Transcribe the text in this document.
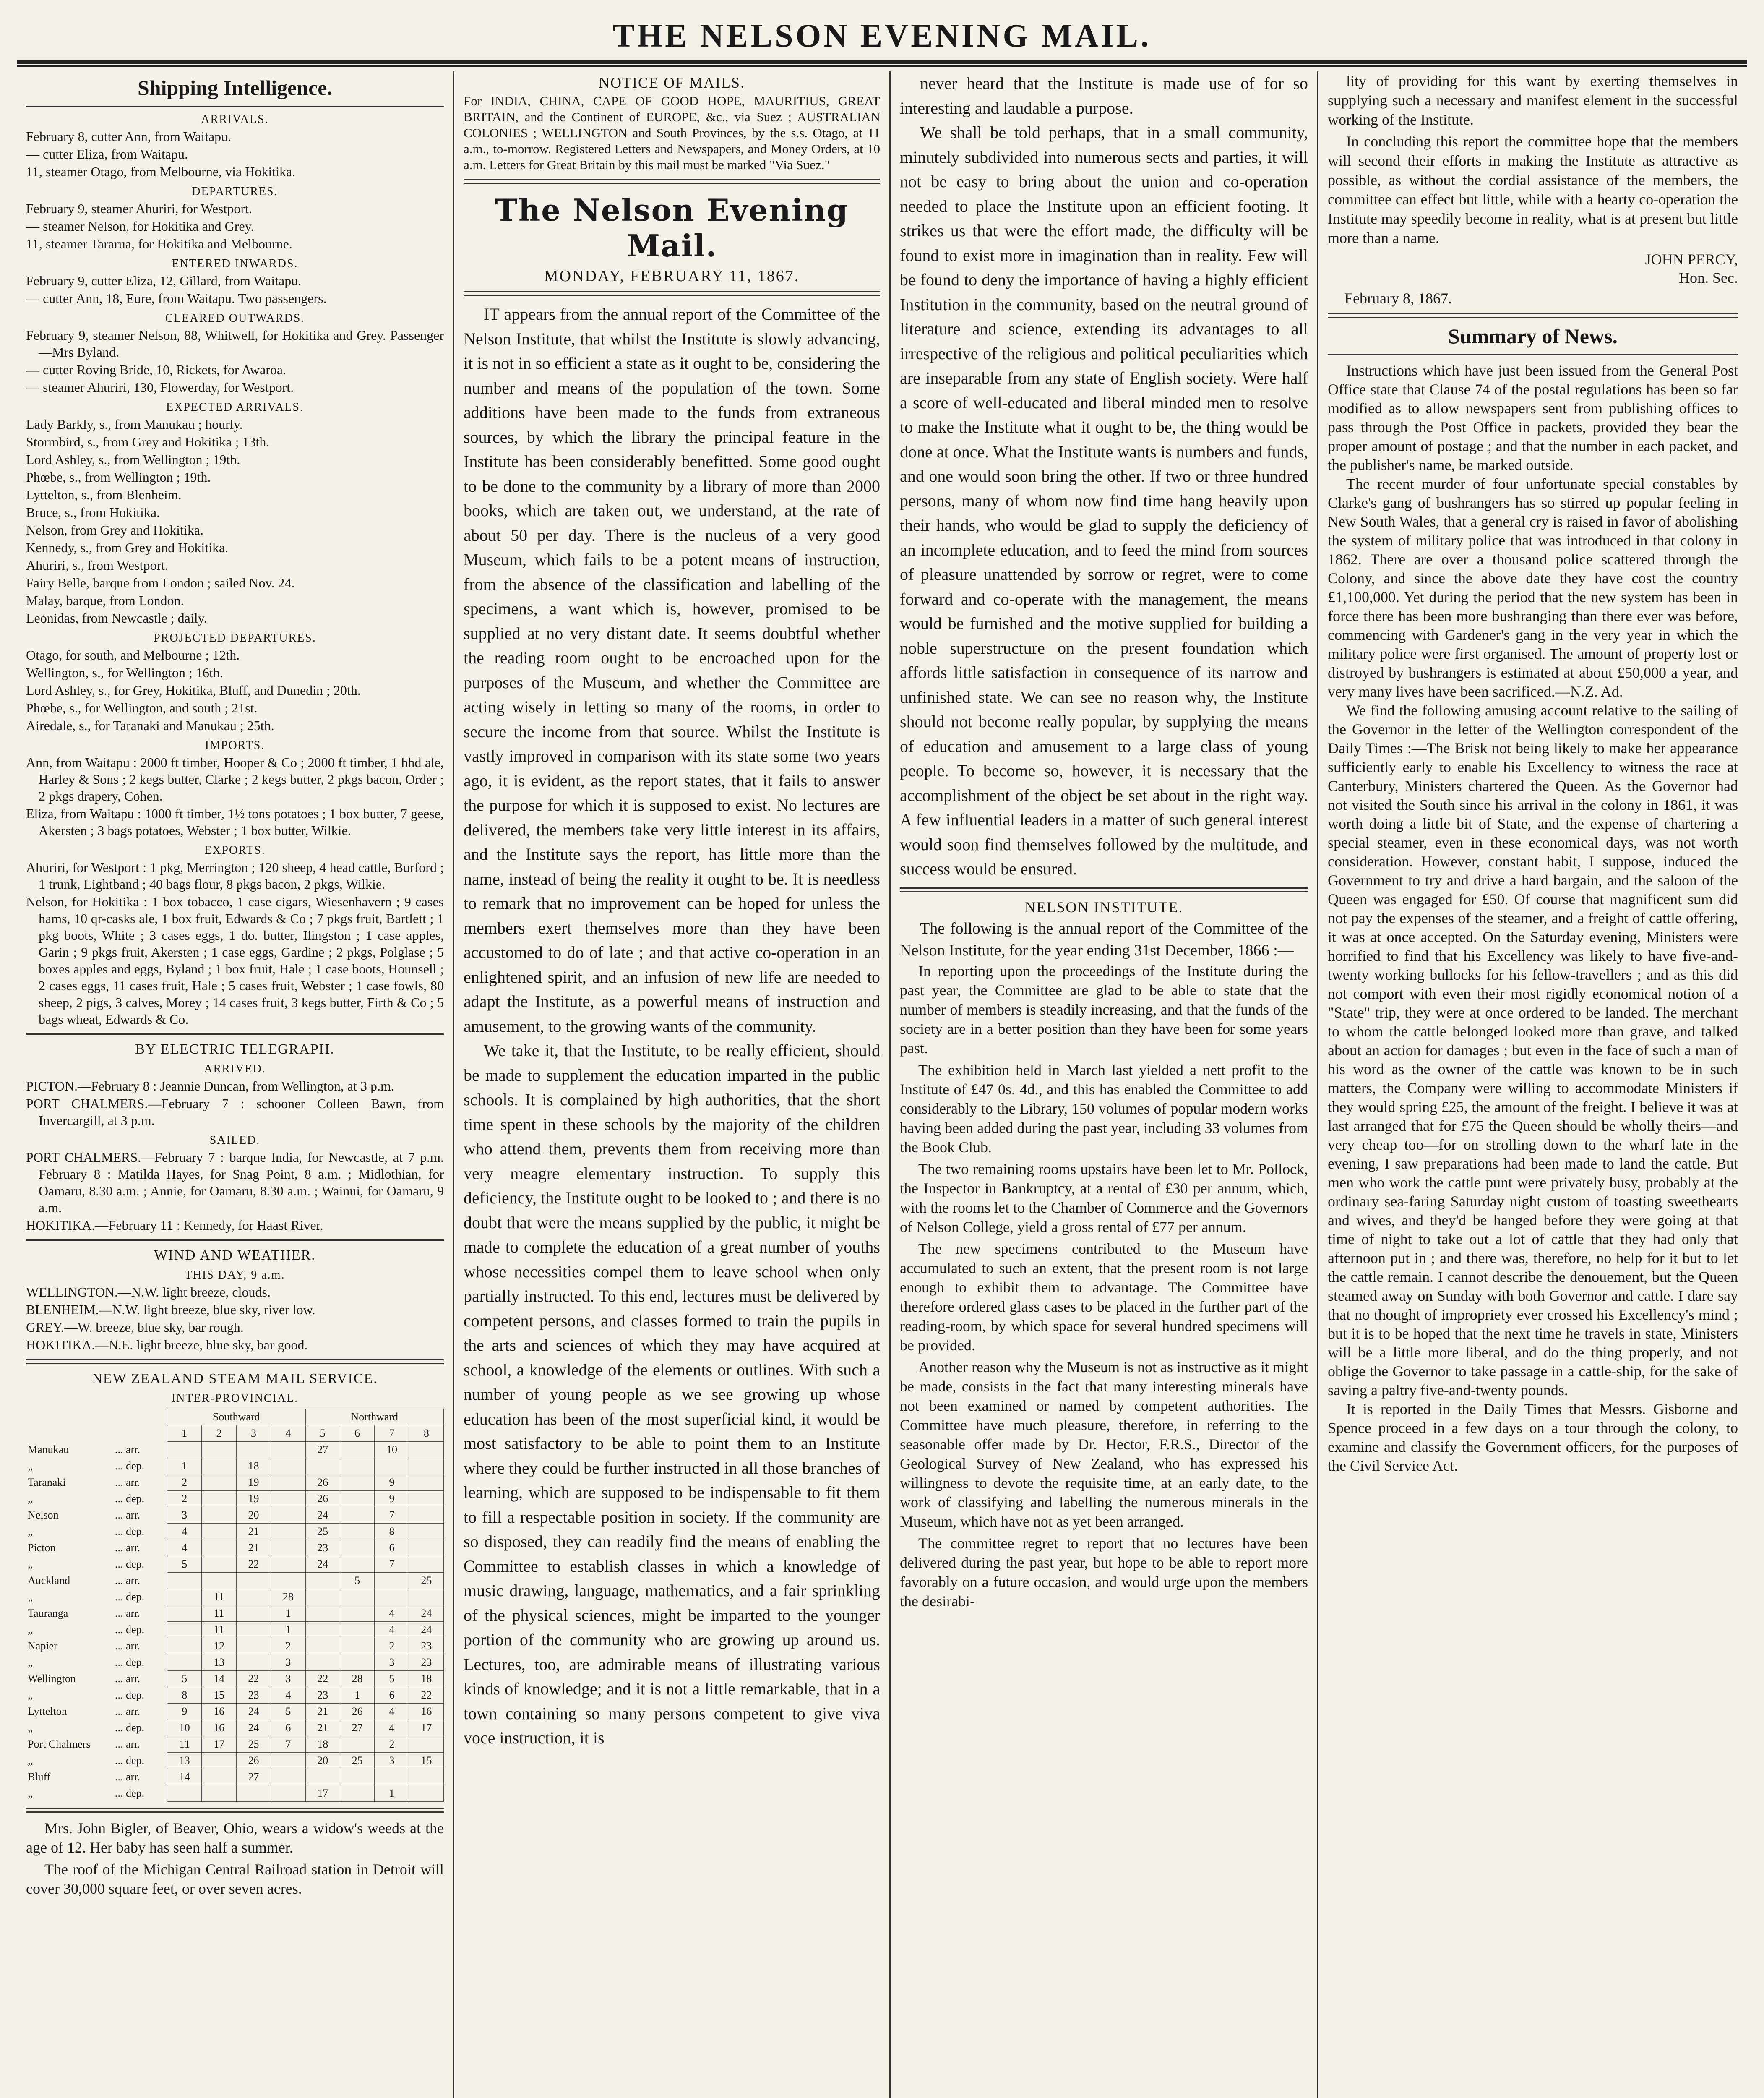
THE NELSON EVENING MAIL.
Shipping Intelligence.
ARRIVALS.

February 8, cutter Ann, from Waitapu.

— cutter Eliza, from Waitapu.

11, steamer Otago, from Melbourne, via Hokitika.

DEPARTURES.

February 9, steamer Ahuriri, for Westport.

— steamer Nelson, for Hokitika and Grey.

11, steamer Tararua, for Hokitika and Melbourne.

ENTERED INWARDS.

February 9, cutter Eliza, 12, Gillard, from Waitapu.

— cutter Ann, 18, Eure, from Waitapu. Two passengers.

CLEARED OUTWARDS.

February 9, steamer Nelson, 88, Whitwell, for Hokitika and Grey. Passenger—Mrs Byland.

— cutter Roving Bride, 10, Rickets, for Awaroa.

— steamer Ahuriri, 130, Flowerday, for Westport.

EXPECTED ARRIVALS.

Lady Barkly, s., from Manukau ; hourly.

Stormbird, s., from Grey and Hokitika ; 13th.

Lord Ashley, s., from Wellington ; 19th.

Phœbe, s., from Wellington ; 19th.

Lyttelton, s., from Blenheim.

Bruce, s., from Hokitika.

Nelson, from Grey and Hokitika.

Kennedy, s., from Grey and Hokitika.

Ahuriri, s., from Westport.

Fairy Belle, barque from London ; sailed Nov. 24.

Malay, barque, from London.

Leonidas, from Newcastle ; daily.

PROJECTED DEPARTURES.

Otago, for south, and Melbourne ; 12th.

Wellington, s., for Wellington ; 16th.

Lord Ashley, s., for Grey, Hokitika, Bluff, and Dunedin ; 20th.

Phœbe, s., for Wellington, and south ; 21st.

Airedale, s., for Taranaki and Manukau ; 25th.

IMPORTS.

Ann, from Waitapu : 2000 ft timber, Hooper & Co ; 2000 ft timber, 1 hhd ale, Harley & Sons ; 2 kegs butter, Clarke ; 2 kegs butter, 2 pkgs bacon, Order ; 2 pkgs drapery, Cohen.

Eliza, from Waitapu : 1000 ft timber, 1½ tons potatoes ; 1 box butter, 7 geese, Akersten ; 3 bags potatoes, Webster ; 1 box butter, Wilkie.

EXPORTS.

Ahuriri, for Westport : 1 pkg, Merrington ; 120 sheep, 4 head cattle, Burford ; 1 trunk, Lightband ; 40 bags flour, 8 pkgs bacon, 2 pkgs, Wilkie.

Nelson, for Hokitika : 1 box tobacco, 1 case cigars, Wiesenhavern ; 9 cases hams, 10 qr-casks ale, 1 box fruit, Edwards & Co ; 7 pkgs fruit, Bartlett ; 1 pkg boots, White ; 3 cases eggs, 1 do. butter, Ilingston ; 1 case apples, Garin ; 9 pkgs fruit, Akersten ; 1 case eggs, Gardine ; 2 pkgs, Polglase ; 5 boxes apples and eggs, Byland ; 1 box fruit, Hale ; 1 case boots, Hounsell ; 2 cases eggs, 11 cases fruit, Hale ; 5 cases fruit, Webster ; 1 case fowls, 80 sheep, 2 pigs, 3 calves, Morey ; 14 cases fruit, 3 kegs butter, Firth & Co ; 5 bags wheat, Edwards & Co.

BY ELECTRIC TELEGRAPH.
ARRIVED.

PICTON.—February 8 : Jeannie Duncan, from Wellington, at 3 p.m.

PORT CHALMERS.—February 7 : schooner Colleen Bawn, from Invercargill, at 3 p.m.

SAILED.

PORT CHALMERS.—February 7 : barque India, for Newcastle, at 7 p.m. February 8 : Matilda Hayes, for Snag Point, 8 a.m. ; Midlothian, for Oamaru, 8.30 a.m. ; Annie, for Oamaru, 8.30 a.m. ; Wainui, for Oamaru, 9 a.m.

HOKITIKA.—February 11 : Kennedy, for Haast River.

WIND AND WEATHER.
THIS DAY, 9 a.m.

WELLINGTON.—N.W. light breeze, clouds.

BLENHEIM.—N.W. light breeze, blue sky, river low.

GREY.—W. breeze, blue sky, bar rough.

HOKITIKA.—N.E. light breeze, blue sky, bar good.

NEW ZEALAND STEAM MAIL SERVICE.
INTER-PROVINCIAL.
		Southward				Northward			
		1	2	3	4	5	6	7	8
Manukau	... arr.					27		10	
„	... dep.	1		18					
Taranaki	... arr.	2		19		26		9	
„	... dep.	2		19		26		9	
Nelson	... arr.	3		20		24		7	
„	... dep.	4		21		25		8	
Picton	... arr.	4		21		23		6	
„	... dep.	5		22		24		7	
Auckland	... arr.						5		25
„	... dep.		11		28				
Tauranga	... arr.		11		1			4	24
„	... dep.		11		1			4	24
Napier	... arr.		12		2			2	23
„	... dep.		13		3			3	23
Wellington	... arr.	5	14	22	3	22	28	5	18
„	... dep.	8	15	23	4	23	1	6	22
Lyttelton	... arr.	9	16	24	5	21	26	4	16
„	... dep.	10	16	24	6	21	27	4	17
Port Chalmers	... arr.	11	17	25	7	18		2	
„	... dep.	13		26		20	25	3	15
Bluff	... arr.	14		27					
„	... dep.					17		1	

Mrs. John Bigler, of Beaver, Ohio, wears a widow's weeds at the age of 12. Her baby has seen half a summer.

The roof of the Michigan Central Railroad station in Detroit will cover 30,000 square feet, or over seven acres.

NOTICE OF MAILS.

For INDIA, CHINA, CAPE OF GOOD HOPE, MAURITIUS, GREAT BRITAIN, and the Continent of EUROPE, &c., via Suez ; AUSTRALIAN COLONIES ; WELLINGTON and South Provinces, by the s.s. Otago, at 11 a.m., to-morrow. Registered Letters and Newspapers, and Money Orders, at 10 a.m. Letters for Great Britain by this mail must be marked "Via Suez."

The Nelson Evening Mail.
MONDAY, FEBRUARY 11, 1867.

IT appears from the annual report of the Committee of the Nelson Institute, that whilst the Institute is slowly advancing, it is not in so efficient a state as it ought to be, considering the number and means of the population of the town. Some additions have been made to the funds from extraneous sources, by which the library the principal feature in the Institute has been considerably benefitted. Some good ought to be done to the community by a library of more than 2000 books, which are taken out, we understand, at the rate of about 50 per day. There is the nucleus of a very good Museum, which fails to be a potent means of instruction, from the absence of the classification and labelling of the specimens, a want which is, however, promised to be supplied at no very distant date. It seems doubtful whether the reading room ought to be encroached upon for the purposes of the Museum, and whether the Committee are acting wisely in letting so many of the rooms, in order to secure the income from that source. Whilst the Institute is vastly improved in comparison with its state some two years ago, it is evident, as the report states, that it fails to answer the purpose for which it is supposed to exist. No lectures are delivered, the members take very little interest in its affairs, and the Institute says the report, has little more than the name, instead of being the reality it ought to be. It is needless to remark that no improvement can be hoped for unless the members exert themselves more than they have been accustomed to do of late ; and that active co-operation in an enlightened spirit, and an infusion of new life are needed to adapt the Institute, as a powerful means of instruction and amusement, to the growing wants of the community.

We take it, that the Institute, to be really efficient, should be made to supplement the education imparted in the public schools. It is complained by high authorities, that the short time spent in these schools by the majority of the children who attend them, prevents them from receiving more than very meagre elementary instruction. To supply this deficiency, the Institute ought to be looked to ; and there is no doubt that were the means supplied by the public, it might be made to complete the education of a great number of youths whose necessities compel them to leave school when only partially instructed. To this end, lectures must be delivered by competent persons, and classes formed to train the pupils in the arts and sciences of which they may have acquired at school, a knowledge of the elements or outlines. With such a number of young people as we see growing up whose education has been of the most superficial kind, it would be most satisfactory to be able to point them to an Institute where they could be further instructed in all those branches of learning, which are supposed to be indispensable to fit them to fill a respectable position in society. If the community are so disposed, they can readily find the means of enabling the Committee to establish classes in which a knowledge of music drawing, language, mathematics, and a fair sprinkling of the physical sciences, might be imparted to the younger portion of the community who are growing up around us. Lectures, too, are admirable means of illustrating various kinds of knowledge; and it is not a little remarkable, that in a town containing so many persons competent to give viva voce instruction, it is

never heard that the Institute is made use of for so interesting and laudable a purpose.

We shall be told perhaps, that in a small community, minutely subdivided into numerous sects and parties, it will not be easy to bring about the union and co-operation needed to place the Institute upon an efficient footing. It strikes us that were the effort made, the difficulty will be found to exist more in imagination than in reality. Few will be found to deny the importance of having a highly efficient Institution in the community, based on the neutral ground of literature and science, extending its advantages to all irrespective of the religious and political peculiarities which are inseparable from any state of English society. Were half a score of well-educated and liberal minded men to resolve to make the Institute what it ought to be, the thing would be done at once. What the Institute wants is numbers and funds, and one would soon bring the other. If two or three hundred persons, many of whom now find time hang heavily upon their hands, who would be glad to supply the deficiency of an incomplete education, and to feed the mind from sources of pleasure unattended by sorrow or regret, were to come forward and co-operate with the management, the means would be furnished and the motive supplied for building a noble superstructure on the present foundation which affords little satisfaction in consequence of its narrow and unfinished state. We can see no reason why, the Institute should not become really popular, by supplying the means of education and amusement to a large class of young people. To become so, however, it is necessary that the accomplishment of the object be set about in the right way. A few influential leaders in a matter of such general interest would soon find themselves followed by the multitude, and success would be ensured.

NELSON INSTITUTE.

The following is the annual report of the Committee of the Nelson Institute, for the year ending 31st December, 1866 :—

In reporting upon the proceedings of the Institute during the past year, the Committee are glad to be able to state that the number of members is steadily increasing, and that the funds of the society are in a better position than they have been for some years past.

The exhibition held in March last yielded a nett profit to the Institute of £47 0s. 4d., and this has enabled the Committee to add considerably to the Library, 150 volumes of popular modern works having been added during the past year, including 33 volumes from the Book Club.

The two remaining rooms upstairs have been let to Mr. Pollock, the Inspector in Bankruptcy, at a rental of £30 per annum, which, with the rooms let to the Chamber of Commerce and the Governors of Nelson College, yield a gross rental of £77 per annum.

The new specimens contributed to the Museum have accumulated to such an extent, that the present room is not large enough to exhibit them to advantage. The Committee have therefore ordered glass cases to be placed in the further part of the reading-room, by which space for several hundred specimens will be provided.

Another reason why the Museum is not as instructive as it might be made, consists in the fact that many interesting minerals have not been examined or named by competent authorities. The Committee have much pleasure, therefore, in referring to the seasonable offer made by Dr. Hector, F.R.S., Director of the Geological Survey of New Zealand, who has expressed his willingness to devote the requisite time, at an early date, to the work of classifying and labelling the numerous minerals in the Museum, which have not as yet been arranged.

The committee regret to report that no lectures have been delivered during the past year, but hope to be able to report more favorably on a future occasion, and would urge upon the members the desirabi-

lity of providing for this want by exerting themselves in supplying such a necessary and manifest element in the successful working of the Institute.

In concluding this report the committee hope that the members will second their efforts in making the Institute as attractive as possible, as without the cordial assistance of the members, the committee can effect but little, while with a hearty co-operation the Institute may speedily become in reality, what is at present but little more than a name.

JOHN PERCY,

Hon. Sec.

February 8, 1867.

Summary of News.

Instructions which have just been issued from the General Post Office state that Clause 74 of the postal regulations has been so far modified as to allow newspapers sent from publishing offices to pass through the Post Office in packets, provided they bear the proper amount of postage ; and that the number in each packet, and the publisher's name, be marked outside.

The recent murder of four unfortunate special constables by Clarke's gang of bushrangers has so stirred up popular feeling in New South Wales, that a general cry is raised in favor of abolishing the system of military police that was introduced in that colony in 1862. There are over a thousand police scattered through the Colony, and since the above date they have cost the country £1,100,000. Yet during the period that the new system has been in force there has been more bushranging than there ever was before, commencing with Gardener's gang in the very year in which the military police were first organised. The amount of property lost or distroyed by bushrangers is estimated at about £50,000 a year, and very many lives have been sacrificed.—N.Z. Ad.

We find the following amusing account relative to the sailing of the Governor in the letter of the Wellington correspondent of the Daily Times :—The Brisk not being likely to make her appearance sufficiently early to enable his Excellency to witness the race at Canterbury, Ministers chartered the Queen. As the Governor had not visited the South since his arrival in the colony in 1861, it was worth doing a little bit of State, and the expense of chartering a special steamer, even in these economical days, was not worth consideration. However, constant habit, I suppose, induced the Government to try and drive a hard bargain, and the saloon of the Queen was engaged for £50. Of course that magnificent sum did not pay the expenses of the steamer, and a freight of cattle offering, it was at once accepted. On the Saturday evening, Ministers were horrified to find that his Excellency was likely to have five-and-twenty working bullocks for his fellow-travellers ; and as this did not comport with even their most rigidly economical notion of a "State" trip, they were at once ordered to be landed. The merchant to whom the cattle belonged looked more than grave, and talked about an action for damages ; but even in the face of such a man of his word as the owner of the cattle was known to be in such matters, the Company were willing to accommodate Ministers if they would spring £25, the amount of the freight. I believe it was at last arranged that for £75 the Queen should be wholly theirs—and very cheap too—for on strolling down to the wharf late in the evening, I saw preparations had been made to land the cattle. But men who work the cattle punt were privately busy, probably at the ordinary sea-faring Saturday night custom of toasting sweethearts and wives, and they'd be hanged before they were going at that time of night to take out a lot of cattle that they had only that afternoon put in ; and there was, therefore, no help for it but to let the cattle remain. I cannot describe the denouement, but the Queen steamed away on Sunday with both Governor and cattle. I dare say that no thought of impropriety ever crossed his Excellency's mind ; but it is to be hoped that the next time he travels in state, Ministers will be a little more liberal, and do the thing properly, and not oblige the Governor to take passage in a cattle-ship, for the sake of saving a paltry five-and-twenty pounds.

It is reported in the Daily Times that Messrs. Gisborne and Spence proceed in a few days on a tour through the colony, to examine and classify the Government officers, for the purposes of the Civil Service Act.
